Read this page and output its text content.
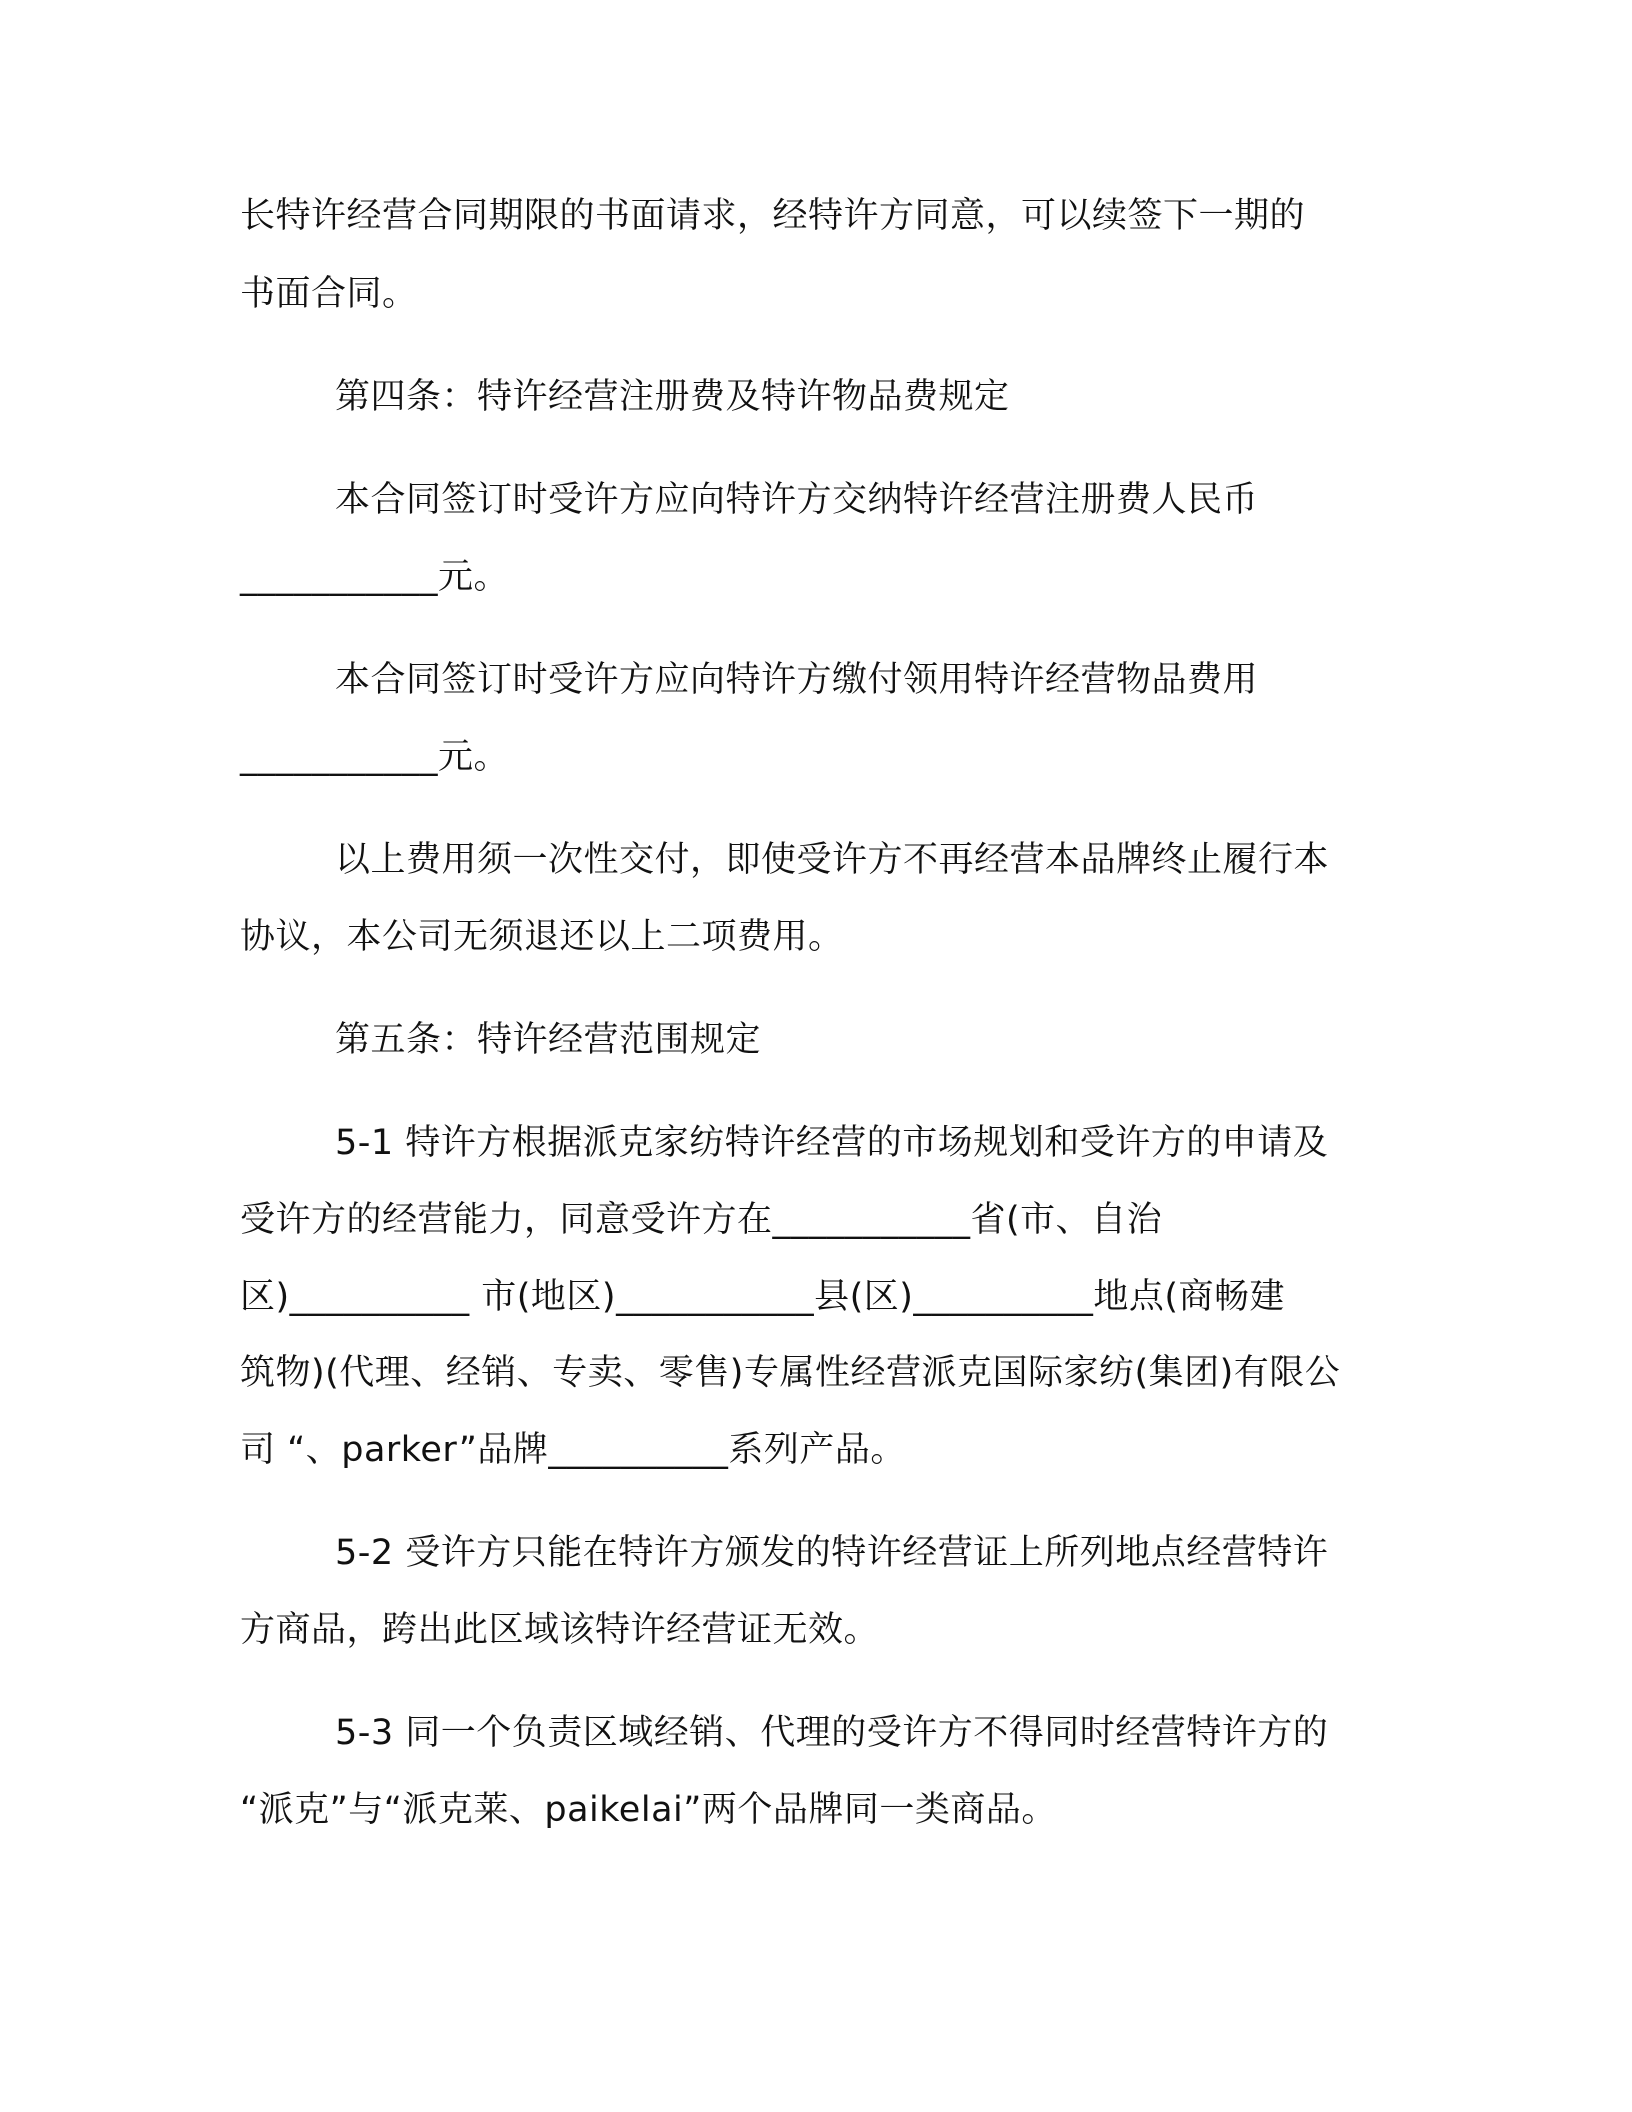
长特许经营合同期限的书面请求，经特许方同意，可以续签下一期的

书面合同。

第四条：特许经营注册费及特许物品费规定

本合同签订时受许方应向特许方交纳特许经营注册费人民币

___________元。

本合同签订时受许方应向特许方缴付领用特许经营物品费用

___________元。

以上费用须一次性交付，即使受许方不再经营本品牌终止履行本

协议，本公司无须退还以上二项费用。

第五条：特许经营范围规定

5-1 特许方根据派克家纺特许经营的市场规划和受许方的申请及

受许方的经营能力，同意受许方在___________省(市、自治

区)__________ 市(地区)___________县(区)__________地点(商畅建

筑物)(代理、经销、专卖、零售)专属性经营派克国际家纺(集团)有限公

司 “、parker”品牌__________系列产品。

5-2 受许方只能在特许方颁发的特许经营证上所列地点经营特许

方商品，跨出此区域该特许经营证无效。

5-3 同一个负责区域经销、代理的受许方不得同时经营特许方的

“派克”与“派克莱、paikelai”两个品牌同一类商品。
